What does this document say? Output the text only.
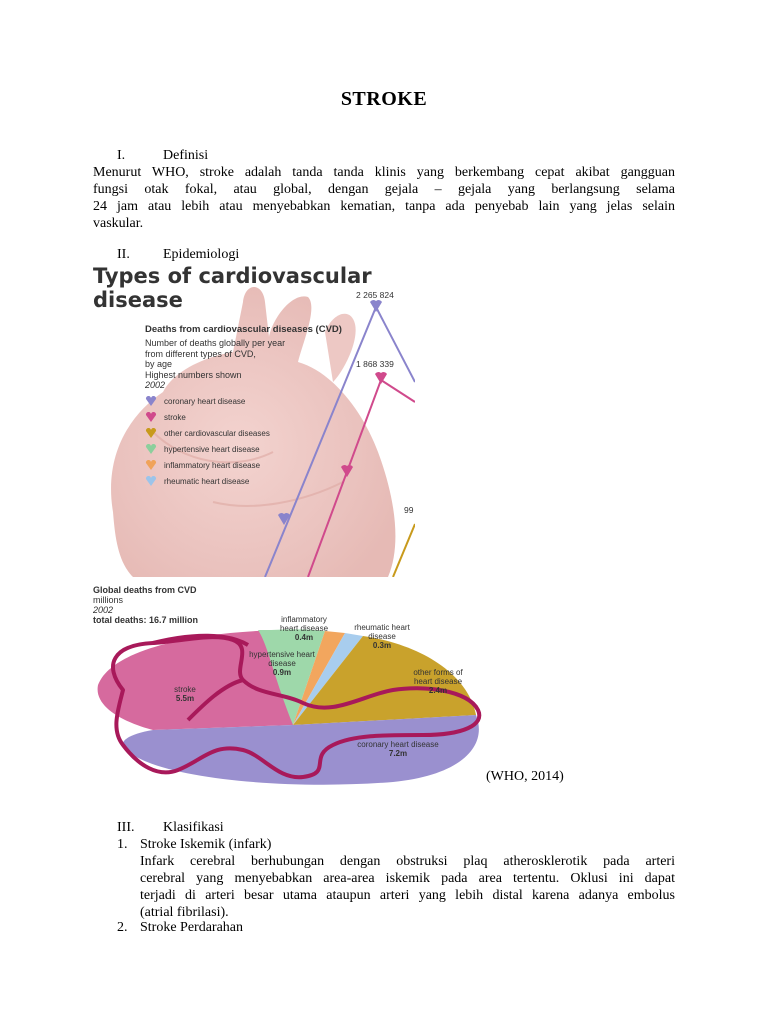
STROKE
I.	Definisi
Menurut WHO, stroke adalah tanda tanda klinis yang berkembang cepat akibat gangguan
fungsi otak fokal, atau global, dengan gejala – gejala yang berlangsung selama
24 jam atau lebih atau menyebabkan kematian, tanpa ada penyebab lain yang jelas selain
vaskular.
II. Epidemiologi
Types of cardiovascular
disease	2 265 824
1 868 339
99
Deaths from cardiovascular diseases (CVD)
Number of deaths globally per year
from different types of CVD,
by age
Highest numbers shown
2002
coronary heart disease
stroke
other cardiovascular diseases
hypertensive heart disease
inflammatory heart disease
rheumatic heart disease
Global deaths from CVD
millions
2002
total deaths: 16.7 million
stroke
5.5m
hypertensive heart disease
0.9m
inflammatory heart disease
0.4m
rheumatic heart disease
0.3m
other forms of heart disease
2.4m
coronary heart disease
7.2m
(WHO, 2014)
III. Klasifikasi
1. Stroke Iskemik (infark)
Infark cerebral berhubungan dengan obstruksi plaq atherosklerotik pada arteri
cerebral yang menyebabkan area-area iskemik pada area tertentu. Oklusi ini dapat
terjadi di arteri besar utama ataupun arteri yang lebih distal karena adanya embolus
(atrial fibrilasi).
2. Stroke Perdarahan
